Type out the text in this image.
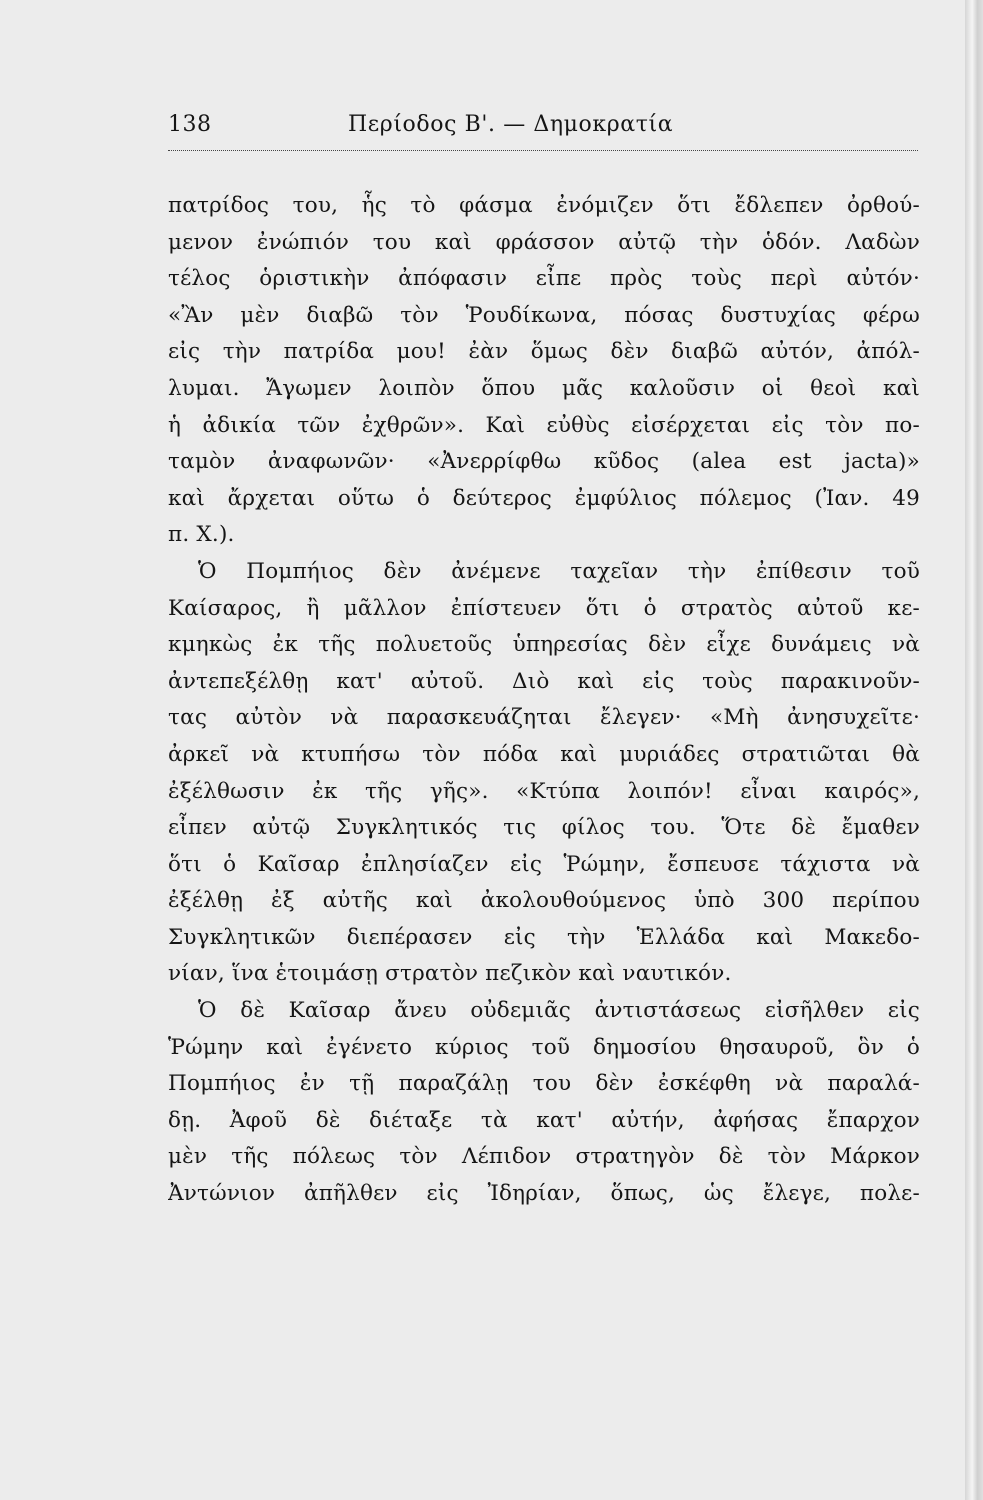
138	Περίοδος Β'. — Δημοκρατία
πατρίδος του, ἧς τὸ φάσμα ἐνόμιζεν ὅτι ἔδλεπεν ὀρθού-
μενον ἐνώπιόν του καὶ φράσσον αὐτῷ τὴν ὁδόν. Λαδὼν
τέλος ὁριστικὴν ἀπόφασιν εἶπε πρὸς τοὺς περὶ αὐτόν·
«Ἂν μὲν διαβῶ τὸν Ῥουδίκωνα, πόσας δυστυχίας φέρω
εἰς τὴν πατρίδα μου! ἐὰν ὅμως δὲν διαβῶ αὐτόν, ἀπόλ-
λυμαι. Ἄγωμεν λοιπὸν ὅπου μᾶς καλοῦσιν οἱ θεοὶ καὶ
ἡ ἀδικία τῶν ἐχθρῶν». Καὶ εὐθὺς εἰσέρχεται εἰς τὸν πο-
ταμὸν ἀναφωνῶν· «Ἀνερρίφθω κῦδος (alea est jacta)»
καὶ ἄρχεται οὕτω ὁ δεύτερος ἐμφύλιος πόλεμος (Ἰαν. 49
π. Χ.).
Ὁ Πομπήιος δὲν ἀνέμενε ταχεῖαν τὴν ἐπίθεσιν τοῦ
Καίσαρος, ἢ μᾶλλον ἐπίστευεν ὅτι ὁ στρατὸς αὐτοῦ κε-
κμηκὼς ἐκ τῆς πολυετοῦς ὑπηρεσίας δὲν εἶχε δυνάμεις νὰ
ἀντεπεξέλθῃ κατ' αὐτοῦ. Διὸ καὶ εἰς τοὺς παρακινοῦν-
τας αὐτὸν νὰ παρασκευάζηται ἔλεγεν· «Μὴ ἀνησυχεῖτε·
ἀρκεῖ νὰ κτυπήσω τὸν πόδα καὶ μυριάδες στρατιῶται θὰ
ἐξέλθωσιν ἐκ τῆς γῆς». «Κτύπα λοιπόν! εἶναι καιρός»,
εἶπεν αὐτῷ Συγκλητικός τις φίλος του. Ὅτε δὲ ἔμαθεν
ὅτι ὁ Καῖσαρ ἐπλησίαζεν εἰς Ῥώμην, ἔσπευσε τάχιστα νὰ
ἐξέλθῃ ἐξ αὐτῆς καὶ ἀκολουθούμενος ὑπὸ 300 περίπου
Συγκλητικῶν διεπέρασεν εἰς τὴν Ἑλλάδα καὶ Μακεδο-
νίαν, ἵνα ἑτοιμάσῃ στρατὸν πεζικὸν καὶ ναυτικόν.
Ὁ δὲ Καῖσαρ ἄνευ οὐδεμιᾶς ἀντιστάσεως εἰσῆλθεν εἰς
Ῥώμην καὶ ἐγένετο κύριος τοῦ δημοσίου θησαυροῦ, ὃν ὁ
Πομπήιος ἐν τῇ παραζάλῃ του δὲν ἐσκέφθη νὰ παραλά-
δῃ. Ἀφοῦ δὲ διέταξε τὰ κατ' αὐτήν, ἀφήσας ἔπαρχον
μὲν τῆς πόλεως τὸν Λέπιδον στρατηγὸν δὲ τὸν Μάρκον
Ἀντώνιον ἀπῆλθεν εἰς Ἰδηρίαν, ὅπως, ὡς ἔλεγε, πολε-
